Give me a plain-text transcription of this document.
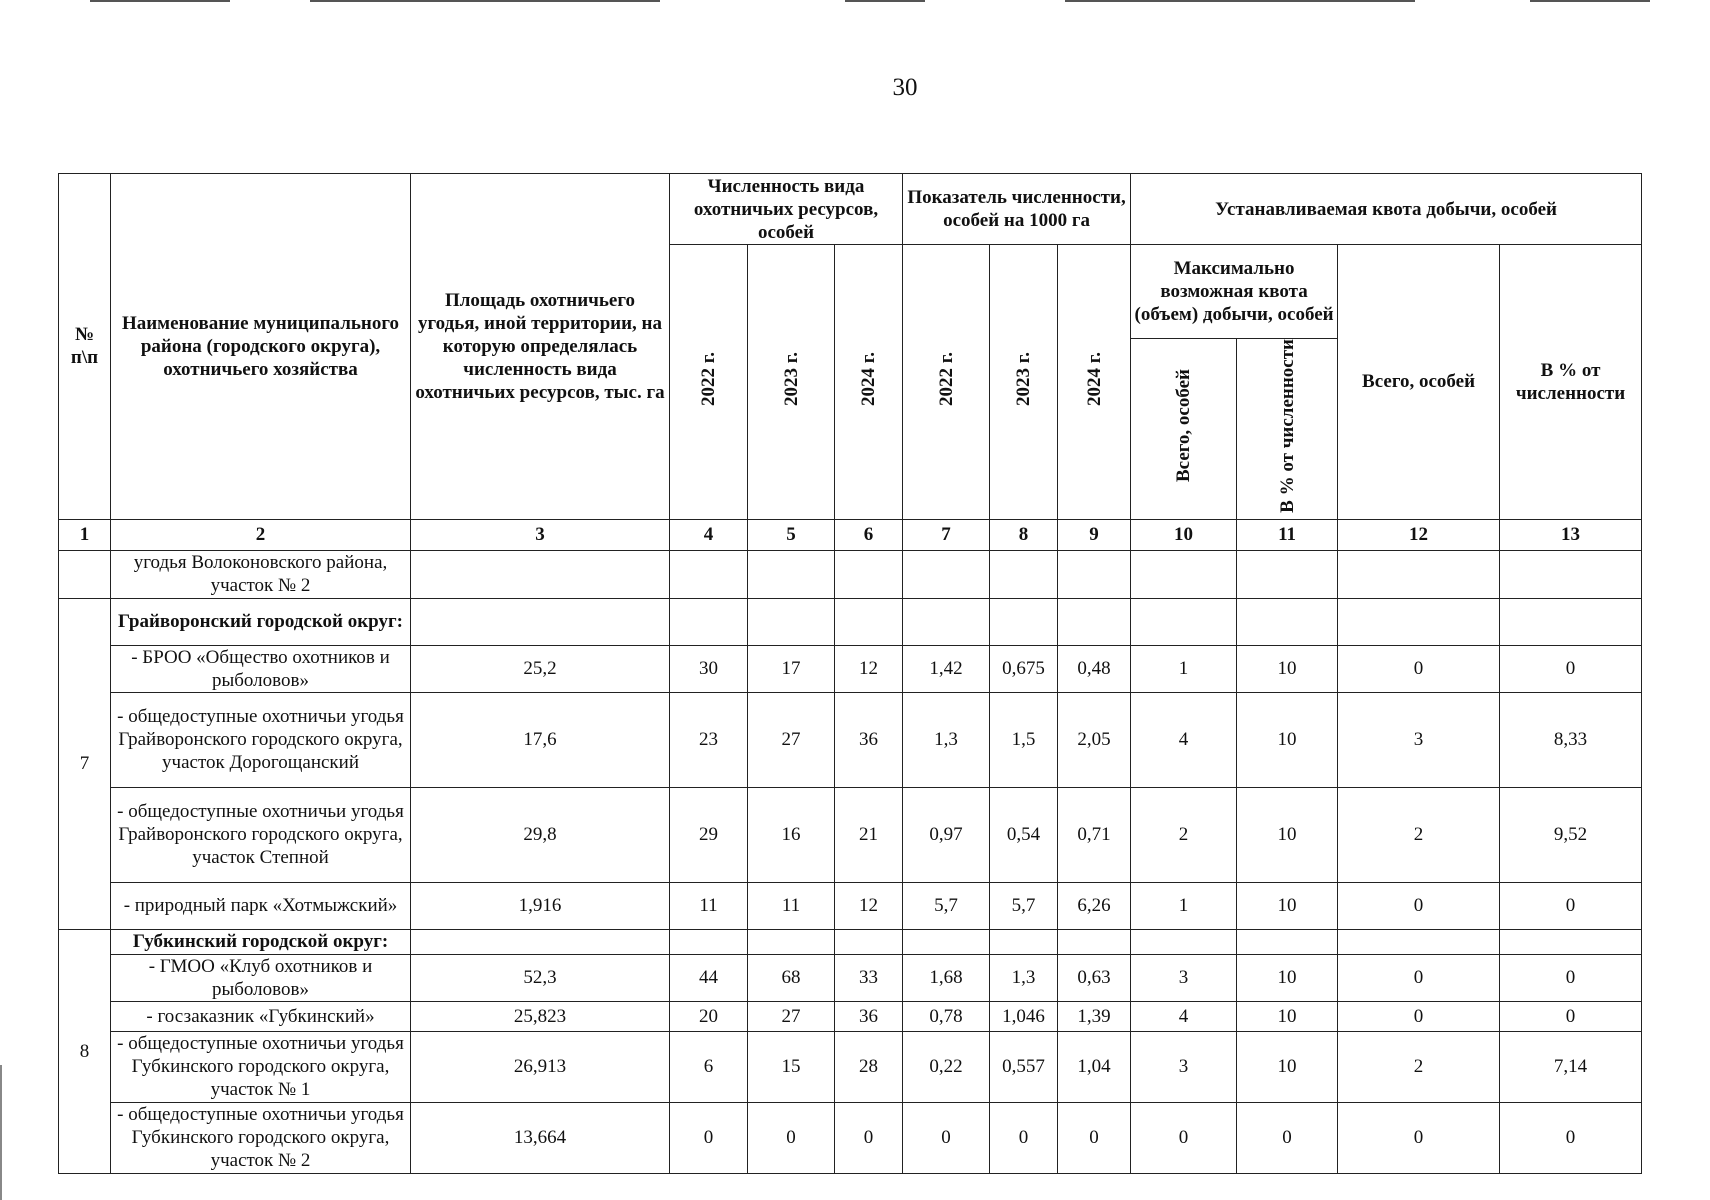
30
№ п\п	Наименование муниципального района (городского округа), охотничьего хозяйства	Площадь охотничьего угодья, иной территории, на которую определялась численность вида охотничьих ресурсов, тыс. га	Численность вида охотничьих ресурсов, особей			Показатель численности, особей на 1000 га			Устанавливаемая квота добычи, особей			
			2022 г.	2023 г.	2024 г.	2022 г.	2023 г.	2024 г.	Максимально возможная квота (объем) добычи, особей		Всего, особей	В % от численности
									Всего, особей	В % от численности		
1	2	3	4	5	6	7	8	9	10	11	12	13
	угодья Волоконовского района, участок № 2											
7	Грайворонский городской округ:											
	- БРОО «Общество охотников и рыболовов»	25,2	30	17	12	1,42	0,675	0,48	1	10	0	0
	- общедоступные охотничьи угодья Грайворонского городского округа, участок Дорогощанский	17,6	23	27	36	1,3	1,5	2,05	4	10	3	8,33
	- общедоступные охотничьи угодья Грайворонского городского округа, участок Степной	29,8	29	16	21	0,97	0,54	0,71	2	10	2	9,52
	- природный парк «Хотмыжский»	1,916	11	11	12	5,7	5,7	6,26	1	10	0	0
8	Губкинский городской округ:											
	- ГМОО «Клуб охотников и рыболовов»	52,3	44	68	33	1,68	1,3	0,63	3	10	0	0
	- госзаказник «Губкинский»	25,823	20	27	36	0,78	1,046	1,39	4	10	0	0
	- общедоступные охотничьи угодья Губкинского городского округа, участок № 1	26,913	6	15	28	0,22	0,557	1,04	3	10	2	7,14
	- общедоступные охотничьи угодья Губкинского городского округа, участок № 2	13,664	0	0	0	0	0	0	0	0	0	0
